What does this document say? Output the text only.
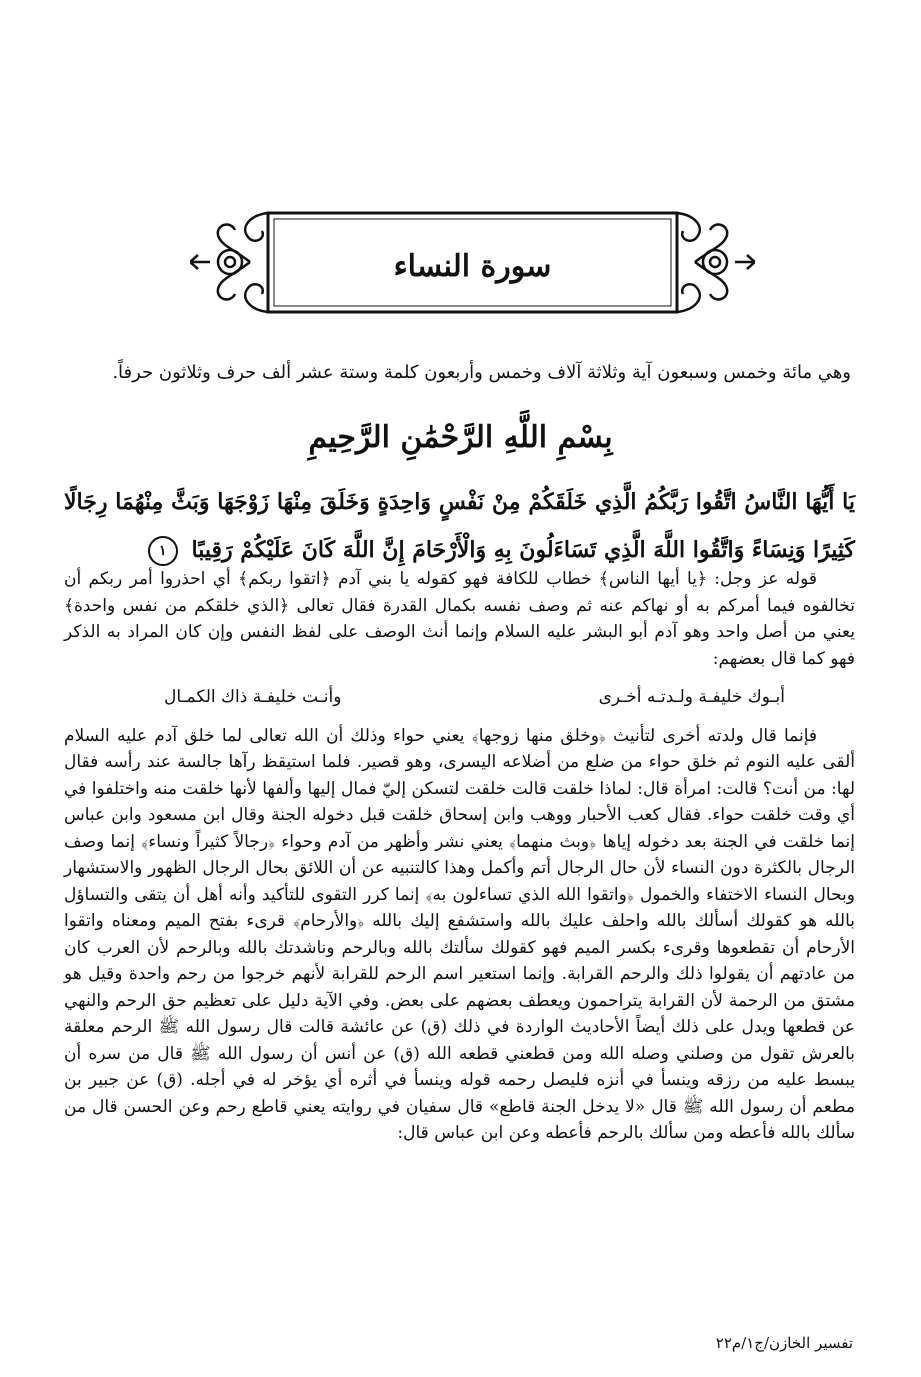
سورة النساء
وهي مائة وخمس وسبعون آية وثلاثة آلاف وخمس وأربعون كلمة وستة عشر ألف حرف وثلاثون حرفاً.
بِسْمِ اللَّهِ الرَّحْمَٰنِ الرَّحِيمِ
يَا أَيُّهَا النَّاسُ اتَّقُوا رَبَّكُمُ الَّذِي خَلَقَكُمْ مِنْ نَفْسٍ وَاحِدَةٍ وَخَلَقَ مِنْهَا زَوْجَهَا وَبَثَّ مِنْهُمَا رِجَالًا كَثِيرًا وَنِسَاءً وَاتَّقُوا اللَّهَ الَّذِي تَسَاءَلُونَ بِهِ وَالْأَرْحَامَ إِنَّ اللَّهَ كَانَ عَلَيْكُمْ رَقِيبًا ١

قوله عز وجل: ﴿يا أيها الناس﴾ خطاب للكافة فهو كقوله يا بني آدم ﴿اتقوا ربكم﴾ أي احذروا أمر ربكم أن تخالفوه فيما أمركم به أو نهاكم عنه ثم وصف نفسه بكمال القدرة فقال تعالى ﴿الذي خلقكم من نفس واحدة﴾ يعني من أصل واحد وهو آدم أبو البشر عليه السلام وإنما أنث الوصف على لفظ النفس وإن كان المراد به الذكر فهو كما قال بعضهم:

أبـوك خليفـة ولـدتـه أخـرى
وأنـت خليفـة ذاك الكمـال

فإنما قال ولدته أخرى لتأنيث ﴿وخلق منها زوجها﴾ يعني حواء وذلك أن الله تعالى لما خلق آدم عليه السلام ألقى عليه النوم ثم خلق حواء من ضلع من أضلاعه اليسرى، وهو قصير. فلما استيقظ رآها جالسة عند رأسه فقال لها: من أنت؟ قالت: امرأة قال: لماذا خلقت قالت خلقت لتسكن إليّ فمال إليها وألفها لأنها خلقت منه واختلفوا في أي وقت خلقت حواء. فقال كعب الأحبار ووهب وابن إسحاق خلقت قبل دخوله الجنة وقال ابن مسعود وابن عباس إنما خلقت في الجنة بعد دخوله إياها ﴿وبث منهما﴾ يعني نشر وأظهر من آدم وحواء ﴿رجالاً كثيراً ونساء﴾ إنما وصف الرجال بالكثرة دون النساء لأن حال الرجال أتم وأكمل وهذا كالتنبيه عن أن اللائق بحال الرجال الظهور والاستشهار وبحال النساء الاختفاء والخمول ﴿واتقوا الله الذي تساءلون به﴾ إنما كرر التقوى للتأكيد وأنه أهل أن يتقى والتساؤل بالله هو كقولك أسألك بالله واحلف عليك بالله واستشفع إليك بالله ﴿والأرحام﴾ قرىء بفتح الميم ومعناه واتقوا الأرحام أن تقطعوها وقرىء بكسر الميم فهو كقولك سألتك بالله وبالرحم وناشدتك بالله وبالرحم لأن العرب كان من عادتهم أن يقولوا ذلك والرحم القرابة. وإنما استعير اسم الرحم للقرابة لأنهم خرجوا من رحم واحدة وقيل هو مشتق من الرحمة لأن القرابة يتراحمون ويعطف بعضهم على بعض. وفي الآية دليل على تعظيم حق الرحم والنهي عن قطعها ويدل على ذلك أيضاً الأحاديث الواردة في ذلك (ق) عن عائشة قالت قال رسول الله ﷺ الرحم معلقة بالعرش تقول من وصلني وصله الله ومن قطعني قطعه الله (ق) عن أنس أن رسول الله ﷺ قال من سره أن يبسط عليه من رزقه وينسأ في أنزه فليصل رحمه قوله وينسأ في أثره أي يؤخر له في أجله. (ق) عن جبير بن مطعم أن رسول الله ﷺ قال «لا يدخل الجنة قاطع» قال سفيان في روايته يعني قاطع رحم وعن الحسن قال من سألك بالله فأعطه ومن سألك بالرحم فأعطه وعن ابن عباس قال:

تفسير الخازن/ج١/م٢٢
